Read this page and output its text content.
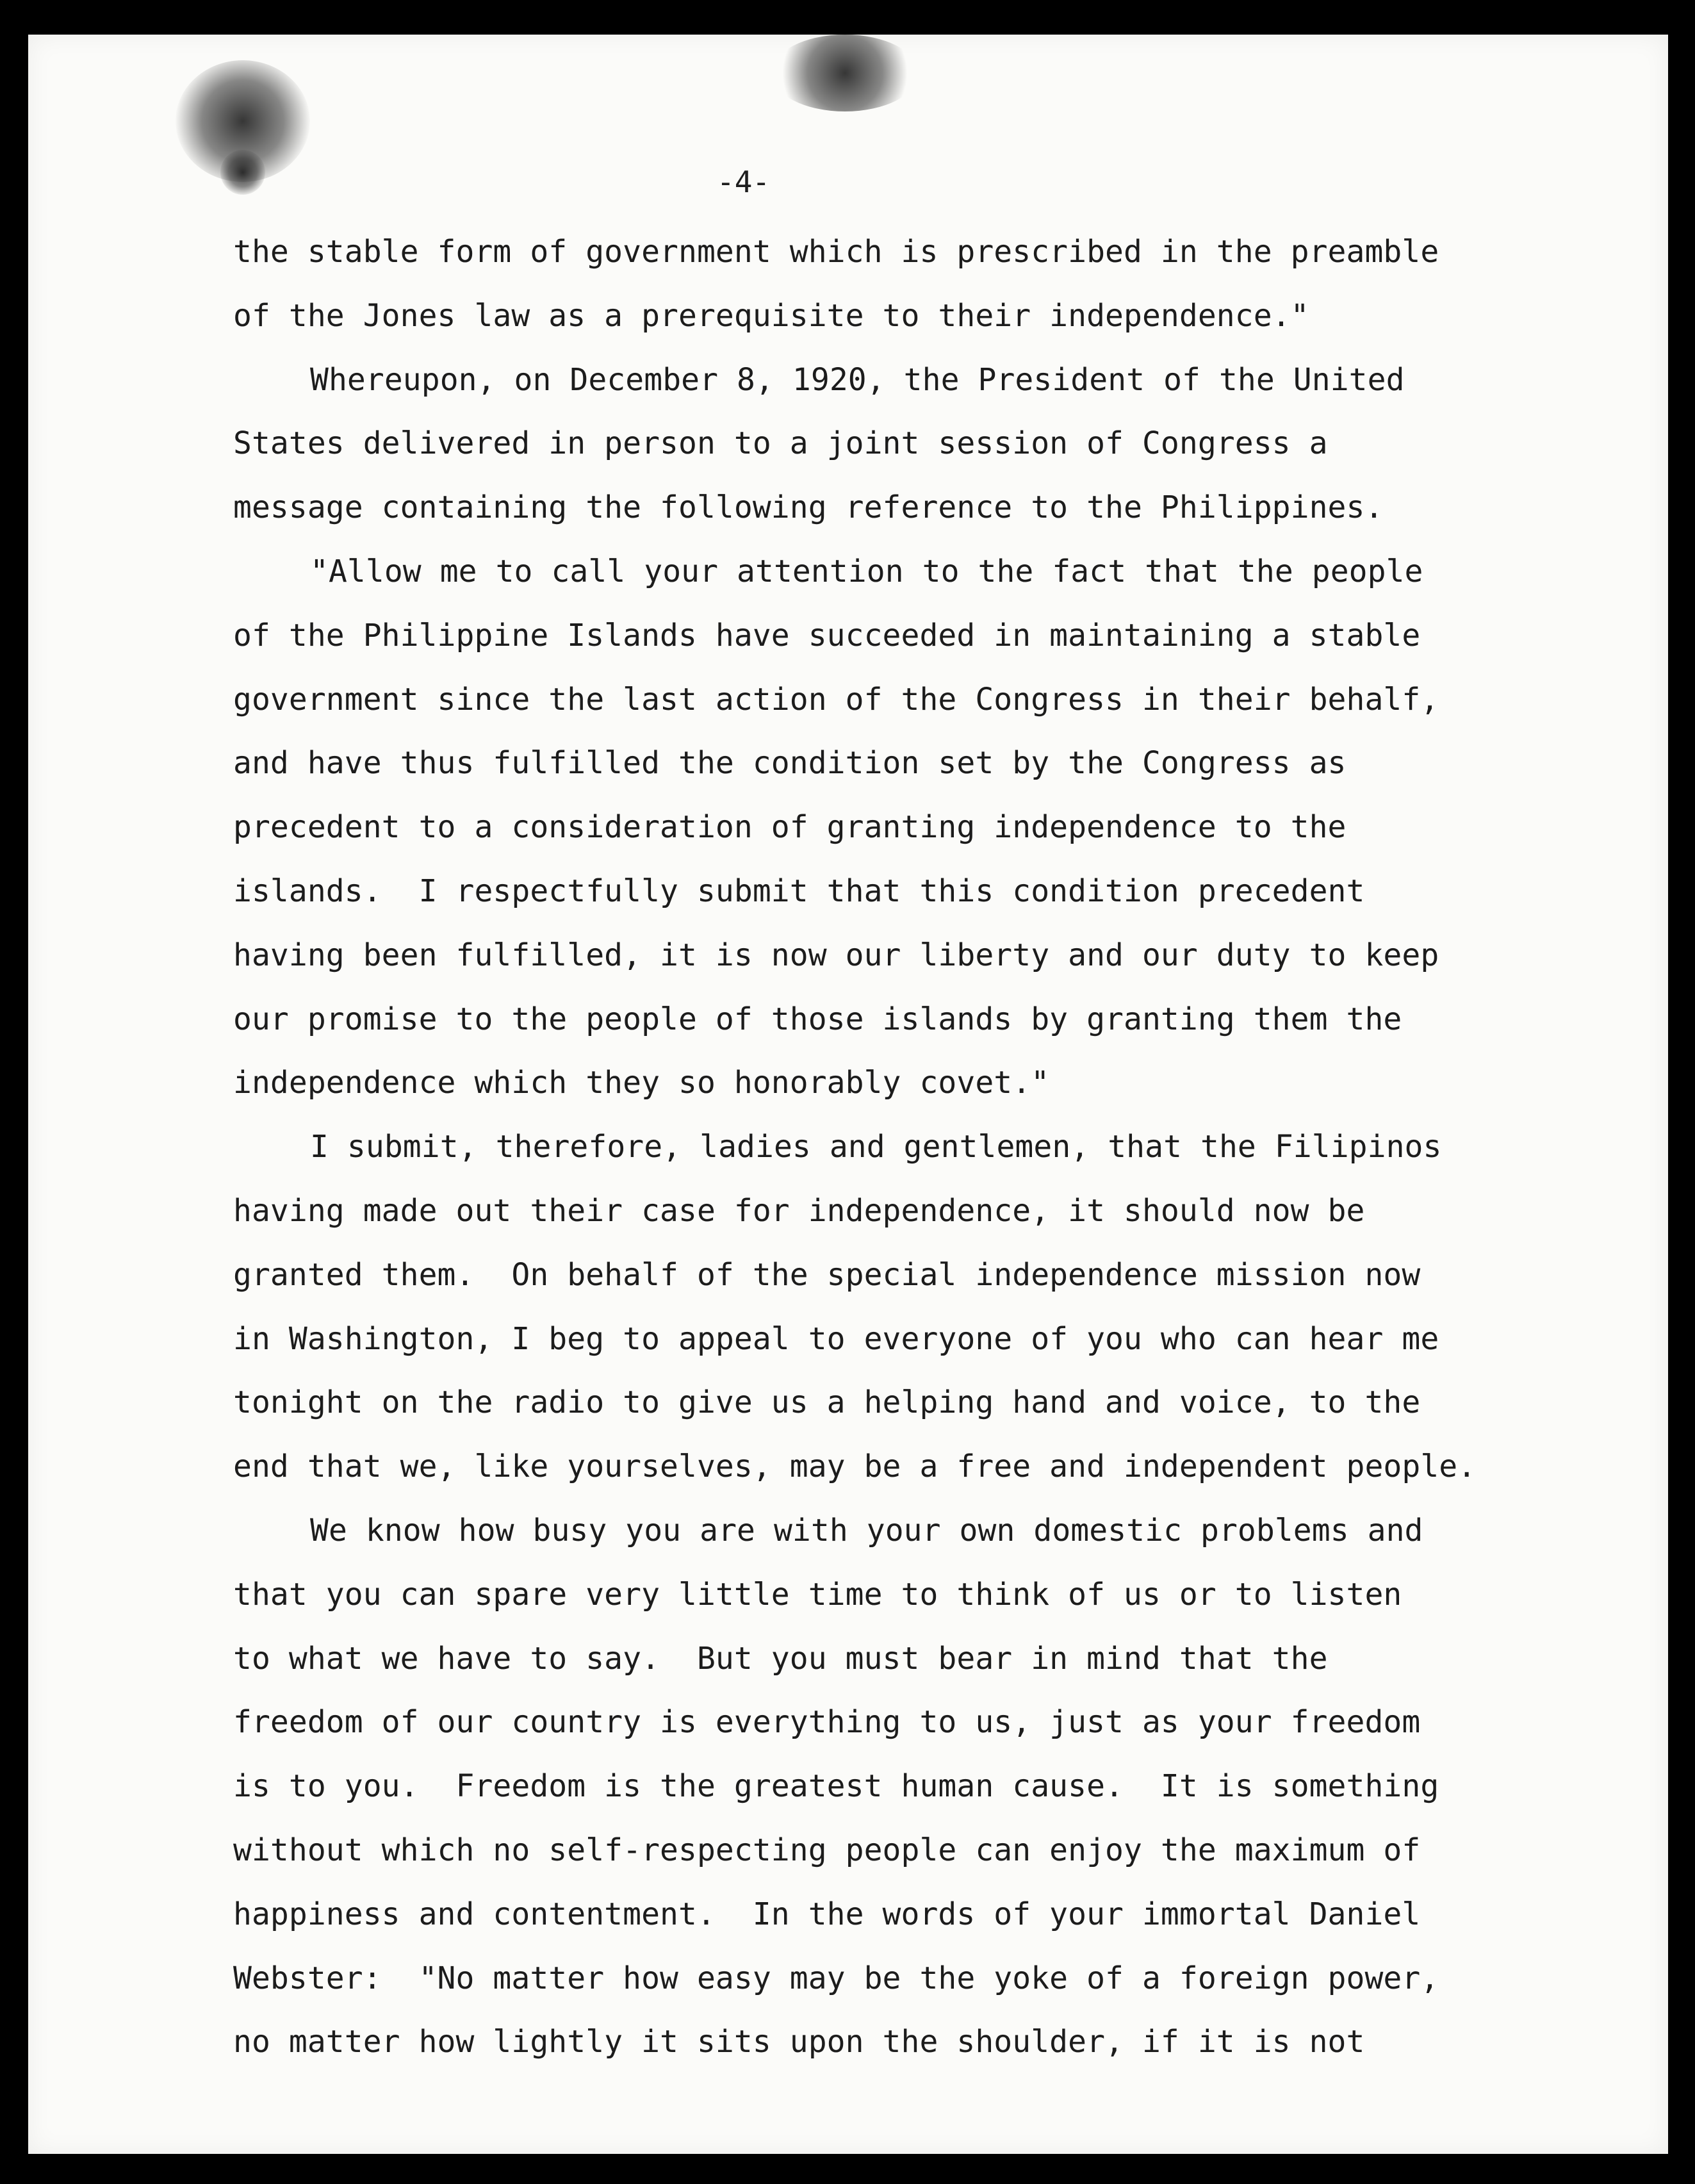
-4-

the stable form of government which is prescribed in the preamble

of the Jones law as a prerequisite to their independence."

Whereupon, on December 8, 1920, the President of the United

States delivered in person to a joint session of Congress a

message containing the following reference to the Philippines.

"Allow me to call your attention to the fact that the people

of the Philippine Islands have succeeded in maintaining a stable

government since the last action of the Congress in their behalf,

and have thus fulfilled the condition set by the Congress as

precedent to a consideration of granting independence to the

islands.  I respectfully submit that this condition precedent

having been fulfilled, it is now our liberty and our duty to keep

our promise to the people of those islands by granting them the

independence which they so honorably covet."

I submit, therefore, ladies and gentlemen, that the Filipinos

having made out their case for independence, it should now be

granted them.  On behalf of the special independence mission now

in Washington, I beg to appeal to everyone of you who can hear me

tonight on the radio to give us a helping hand and voice, to the

end that we, like yourselves, may be a free and independent people.

We know how busy you are with your own domestic problems and

that you can spare very little time to think of us or to listen

to what we have to say.  But you must bear in mind that the

freedom of our country is everything to us, just as your freedom

is to you.  Freedom is the greatest human cause.  It is something

without which no self-respecting people can enjoy the maximum of

happiness and contentment.  In the words of your immortal Daniel

Webster:  "No matter how easy may be the yoke of a foreign power,

no matter how lightly it sits upon the shoulder, if it is not
